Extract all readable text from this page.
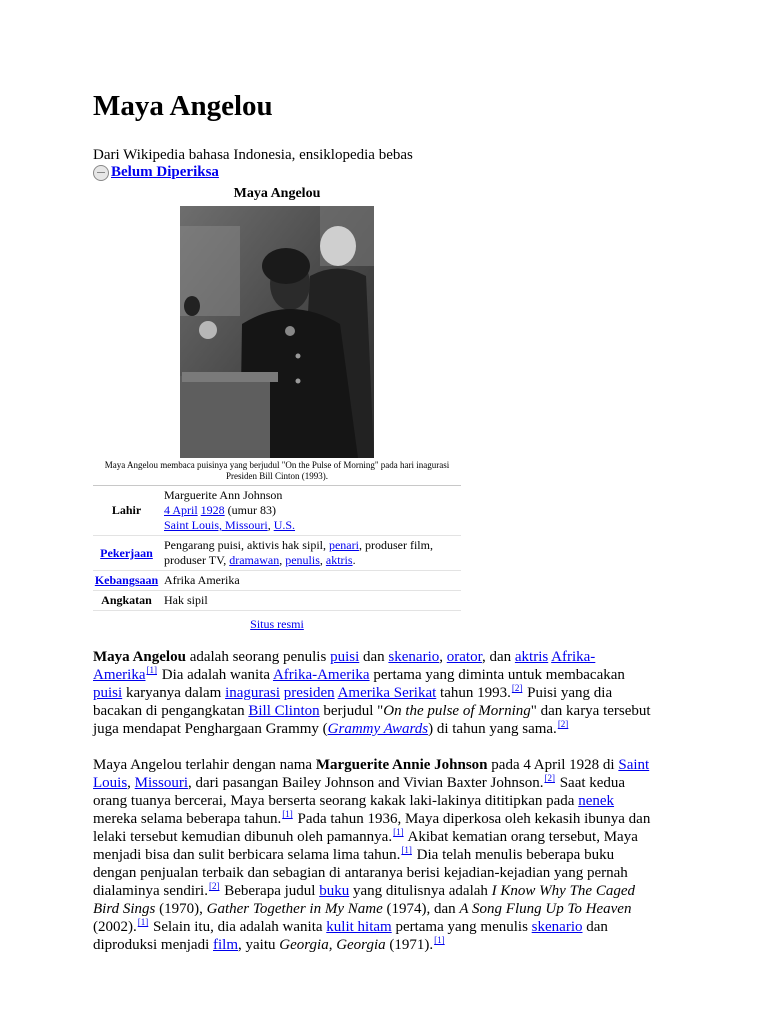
Maya Angelou
Dari Wikipedia bahasa Indonesia, ensiklopedia bebas
Belum Diperiksa
Maya Angelou
Maya Angelou membaca puisinya yang berjudul "On the Pulse of Morning" pada hari inagurasi Presiden Bill Cinton (1993).
Lahir
Marguerite Ann Johnson
4 April 1928 (umur 83)
Saint Louis, Missouri, U.S.
Pekerjaan
Pengarang puisi, aktivis hak sipil, penari, produser film, produser TV, dramawan, penulis, aktris.
Kebangsaan Afrika Amerika
Angkatan	Hak sipil
Situs resmi

Maya Angelou adalah seorang penulis puisi dan skenario, orator, dan aktris Afrika-Amerika[1] Dia adalah wanita Afrika-Amerika pertama yang diminta untuk membacakan puisi karyanya dalam inagurasi presiden Amerika Serikat tahun 1993.[2] Puisi yang dia bacakan di pengangkatan Bill Clinton berjudul "On the pulse of Morning" dan karya tersebut juga mendapat Penghargaan Grammy (Grammy Awards) di tahun yang sama.[2]

Maya Angelou terlahir dengan nama Marguerite Annie Johnson pada 4 April 1928 di Saint Louis, Missouri, dari pasangan Bailey Johnson and Vivian Baxter Johnson.[2] Saat kedua orang tuanya bercerai, Maya berserta seorang kakak laki-lakinya dititipkan pada nenek mereka selama beberapa tahun.[1] Pada tahun 1936, Maya diperkosa oleh kekasih ibunya dan lelaki tersebut kemudian dibunuh oleh pamannya.[1] Akibat kematian orang tersebut, Maya menjadi bisa dan sulit berbicara selama lima tahun.[1] Dia telah menulis beberapa buku dengan penjualan terbaik dan sebagian di antaranya berisi kejadian-kejadian yang pernah dialaminya sendiri.[2] Beberapa judul buku yang ditulisnya adalah I Know Why The Caged Bird Sings (1970), Gather Together in My Name (1974), dan A Song Flung Up To Heaven (2002).[1] Selain itu, dia adalah wanita kulit hitam pertama yang menulis skenario dan diproduksi menjadi film, yaitu Georgia, Georgia (1971).[1]
